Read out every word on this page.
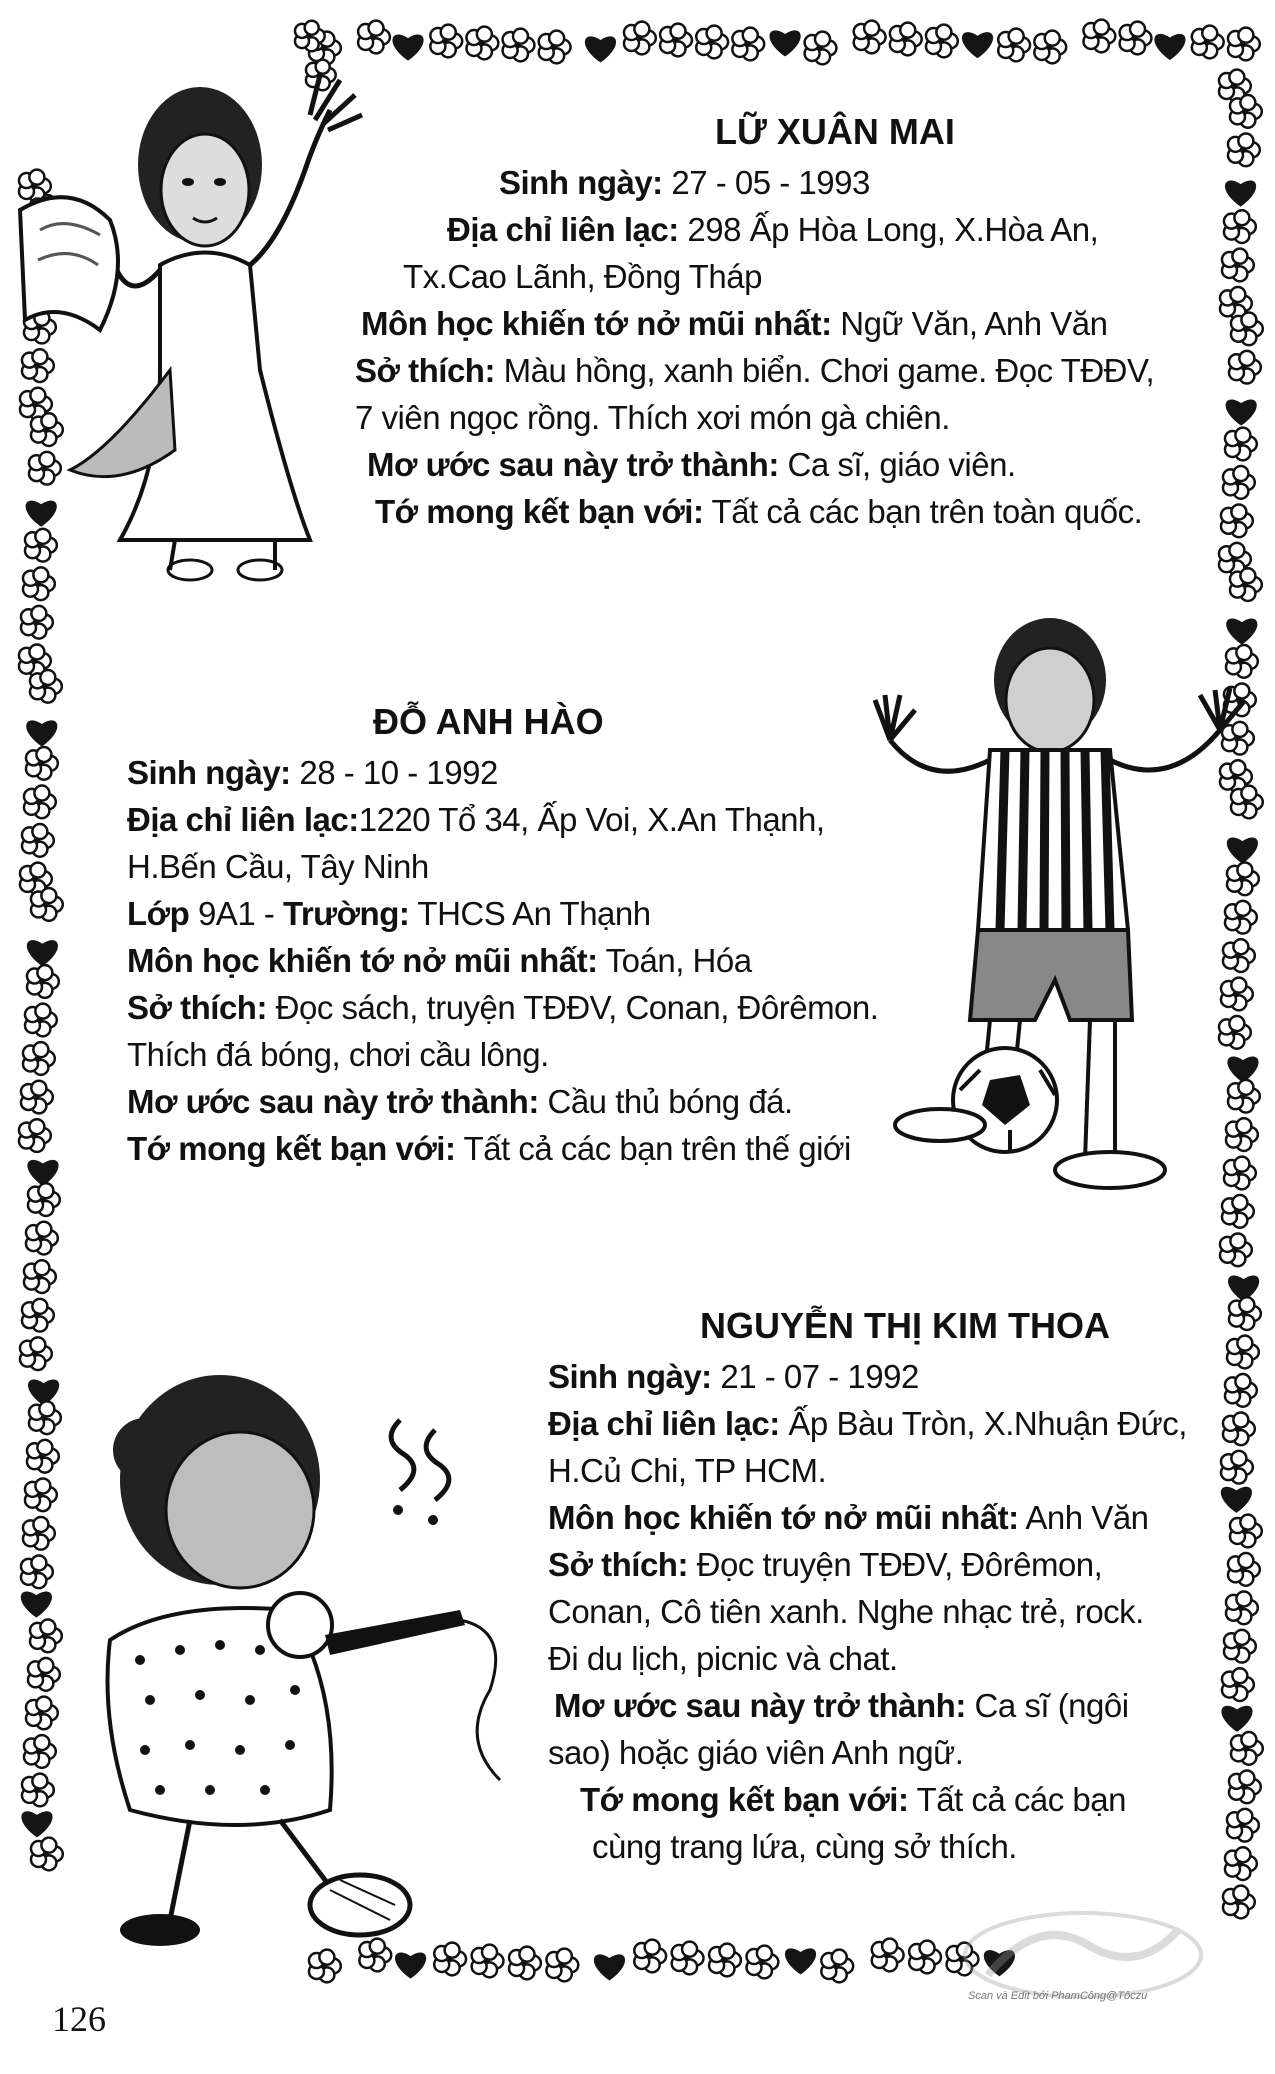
LỮ XUÂN MAI
Sinh ngày: 27 - 05 - 1993
Địa chỉ liên lạc: 298 Ấp Hòa Long, X.Hòa An,
Tx.Cao Lãnh, Đồng Tháp
Môn học khiến tớ nở mũi nhất: Ngữ Văn, Anh Văn
Sở thích: Màu hồng, xanh biển. Chơi game. Đọc TĐĐV,
7 viên ngọc rồng. Thích xơi món gà chiên.
Mơ ước sau này trở thành: Ca sĩ, giáo viên.
Tớ mong kết bạn với: Tất cả các bạn trên toàn quốc.
ĐỖ ANH HÀO
Sinh ngày: 28 - 10 - 1992
Địa chỉ liên lạc:1220 Tổ 34, Ấp Voi, X.An Thạnh,
H.Bến Cầu, Tây Ninh
Lớp 9A1 - Trường: THCS An Thạnh
Môn học khiến tớ nở mũi nhất: Toán, Hóa
Sở thích: Đọc sách, truyện TĐĐV, Conan, Đôrêmon.
Thích đá bóng, chơi cầu lông.
Mơ ước sau này trở thành: Cầu thủ bóng đá.
Tớ mong kết bạn với: Tất cả các bạn trên thế giới
NGUYỄN THỊ KIM THOA
Sinh ngày: 21 - 07 - 1992
Địa chỉ liên lạc: Ấp Bàu Tròn, X.Nhuận Đức,
H.Củ Chi, TP HCM.
Môn học khiến tớ nở mũi nhất: Anh Văn
Sở thích: Đọc truyện TĐĐV, Đôrêmon,
Conan, Cô tiên xanh. Nghe nhạc trẻ, rock.
Đi du lịch, picnic và chat.
Mơ ước sau này trở thành: Ca sĩ (ngôi
sao) hoặc giáo viên Anh ngữ.
Tớ mong kết bạn với: Tất cả các bạn
cùng trang lứa, cùng sở thích.
126
Scan và Edit bởi PhamCông@Tôczu
